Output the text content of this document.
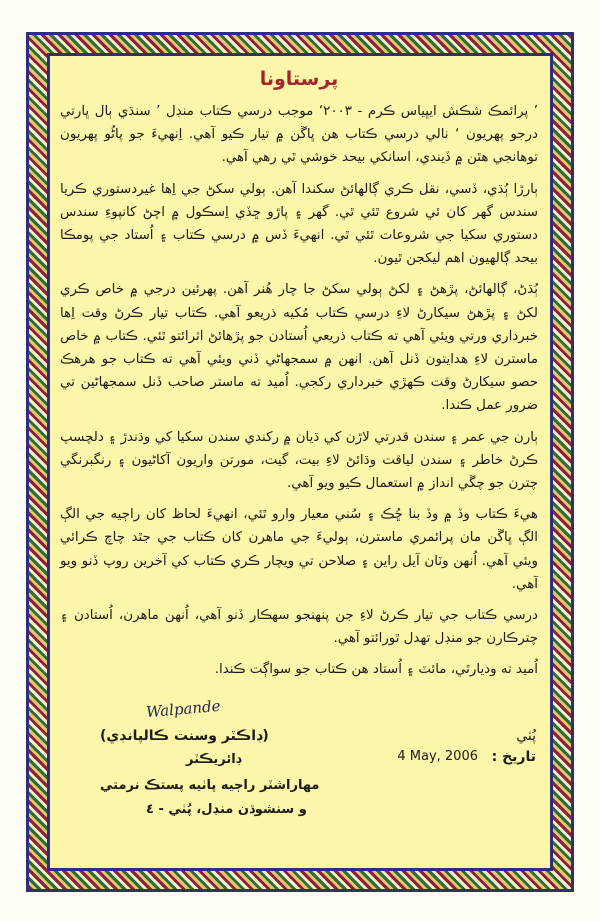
پرستاونا

’ پرائمڪ شڪش ايڀياس ڪرم - ٢٠٠٣‘ موجب درسي ڪتاب منڊل ’ سنڌي ٻال ڀارتي درجو پهريون ‘ نالي درسي ڪتاب هن ڀاڱن ۾ تيار ڪيو آهي. اِنهيءَ جو پاڻُو پهريون توهانجي هٿن ۾ ڏيندي، اسانکي بيحد خوشي ٿي رهي آهي.

ٻارڙا ٻُڌي، ڏسي، نقل ڪري ڳالهائڻ سکندا آهن. ٻولي سکڻ جي اِها غيردستوري ڪريا سندس گهر کان ئي شروع ٿئي ٿي. گهر ۽ پاڙو ڇڏي اِسڪول ۾ اچڻ کانپوءِ سندس دستوري سکيا جي شروعات ٿئي ٿي. انهيءَ ڏس ۾ درسي ڪتاب ۽ اُستاد جي پومڪا بيحد ڳالهيون اهم ليکجن ٿيون.

ٻُڌڻ، ڳالهائڻ، پڙهڻ ۽ لکڻ ٻولي سکڻ جا چار هُنر آهن. پهرئين درجي ۾ خاص ڪري لکڻ ۽ پڙهڻ سيکارڻ لاءِ درسي ڪتاب مُکيه ذريعو آهي. ڪتاب تيار ڪرڻ وقت اِها خبرداري ورتي ويئي آهي ته ڪتاب ذريعي اُستادن جو پڙهائڻ اثرائتو ٿئي. ڪتاب ۾ خاص ماسترن لاءِ هدايتون ڏنل آهن. انهن ۾ سمجهاڻي ڏني ويئي آهي ته ڪتاب جو هرهڪ حصو سيکارڻ وقت ڪهڙي خبرداري رکجي. اُميد ته ماستر صاحب ڏنل سمجهاڻين تي ضرور عمل ڪندا.

ٻارن جي عمر ۽ سندن قدرتي لاڙن کي ڌيان ۾ رکندي سندن سکيا کي وڌندڙ ۽ دلچسپ ڪرڻ خاطر ۽ سندن لياقت وڌائڻ لاءِ بيت، گيت، مورتن واريون آکاڻيون ۽ رنگبرنگي چترن جو چڱي انداز ۾ استعمال ڪيو ويو آهي.

هيءَ ڪتاب وڏ ۾ وڏ بنا ڇُڪ ۽ سُني معيار وارو ٿئي، انهيءَ لحاظ کان راڄيه جي الڳ الڳ ڀاڱن مان پرائمري ماسترن، ٻوليءَ جي ماهرن کان ڪتاب جي جٿد چاچ ڪرائي ويئي آهي. اُنهن وٽان آيل راين ۽ صلاحن تي ويچار ڪري ڪتاب کي آخرين روپ ڏنو ويو آهي.

درسي ڪتاب جي تيار ڪرڻ لاءِ جن پنهنجو سهڪار ڏنو آهي، اُنهن ماهرن، اُستادن ۽ چترڪارن جو منڊل تهدل ٿورائتو آهي.

اُميد ته وديارٿي، مائٽ ۽ اُستاد هن ڪتاب جو سواڳت ڪندا.

Walpande
(ڊاڪٽر وسنت ڪالپانڊي)	پُٺي
تاريخ :
4 May, 2006
ڊائريڪٽر
مهاراشٽر راڄيه پاٺيه پستڪ نرمتي
و سنشوڌن منڊل، پُٺي - ٤
